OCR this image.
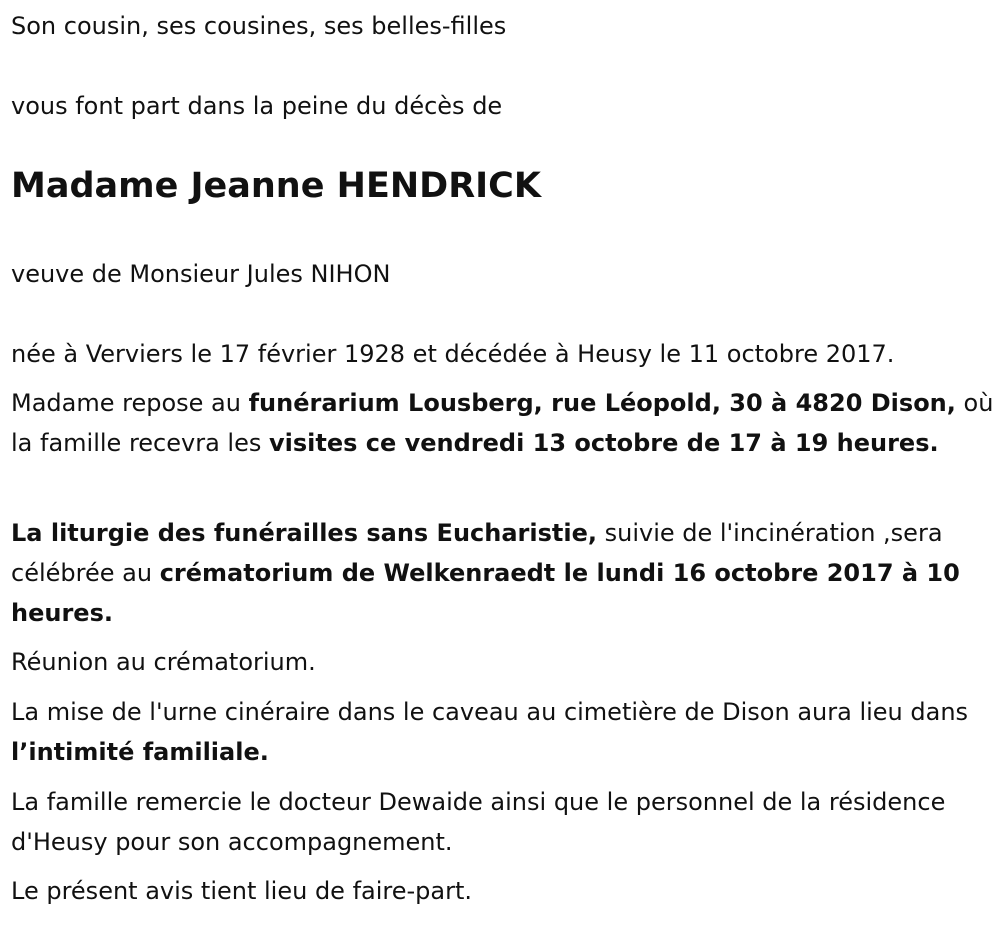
Son cousin, ses cousines, ses belles-filles

vous font part dans la peine du décès de

Madame Jeanne HENDRICK

veuve de Monsieur Jules NIHON

née à Verviers le 17 février 1928 et décédée à Heusy le 11 octobre 2017.

Madame repose au funérarium Lousberg, rue Léopold, 30 à 4820 Dison, où la famille recevra les visites ce vendredi 13 octobre de 17 à 19 heures.

La liturgie des funérailles sans Eucharistie, suivie de l'incinération ,sera célébrée au crématorium de Welkenraedt le lundi 16 octobre 2017 à 10 heures.

Réunion au crématorium.

La mise de l'urne cinéraire dans le caveau au cimetière de Dison aura lieu dans l’intimité familiale.

La famille remercie le docteur Dewaide ainsi que le personnel de la résidence d'Heusy pour son accompagnement.

Le présent avis tient lieu de faire-part.
